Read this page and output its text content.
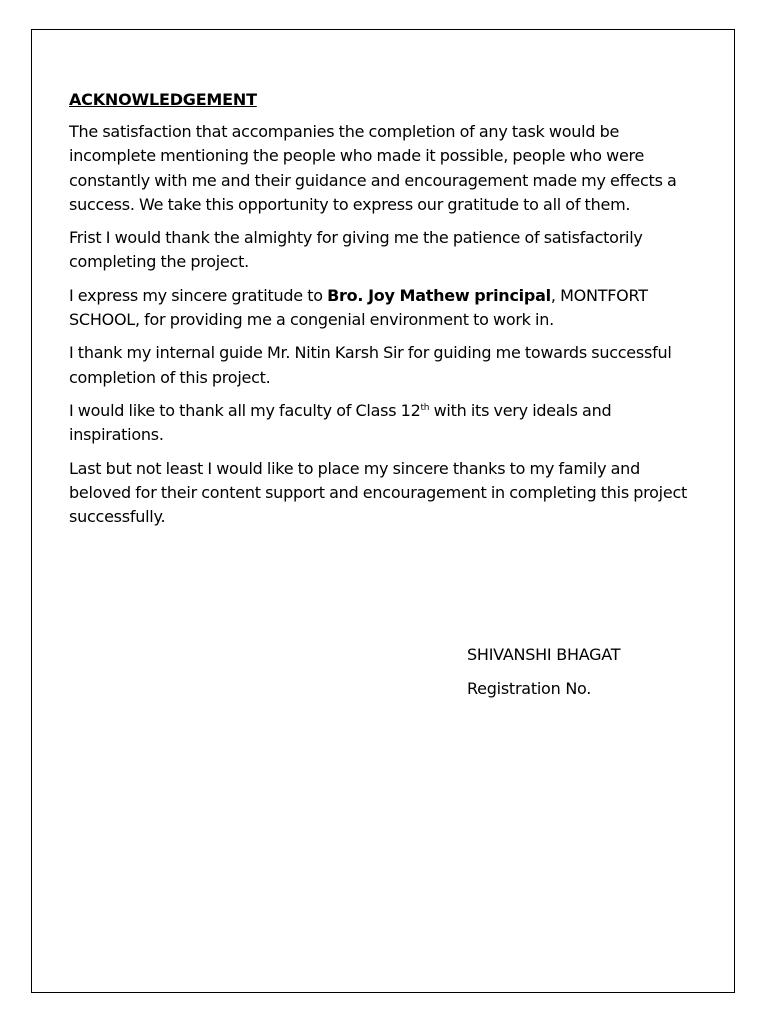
ACKNOWLEDGEMENT

The satisfaction that accompanies the completion of any task would be incomplete mentioning the people who made it possible, people who were constantly with me and their guidance and encouragement made my effects a success. We take this opportunity to express our gratitude to all of them.

Frist I would thank the almighty for giving me the patience of satisfactorily completing the project.

I express my sincere gratitude to Bro. Joy Mathew principal, MONTFORT SCHOOL, for providing me a congenial environment to work in.

I thank my internal guide Mr. Nitin Karsh Sir for guiding me towards successful completion of this project.

I would like to thank all my faculty of Class 12th with its very ideals and inspirations.

Last but not least I would like to place my sincere thanks to my family and beloved for their content support and encouragement in completing this project successfully.

SHIVANSHI BHAGAT
Registration No.
